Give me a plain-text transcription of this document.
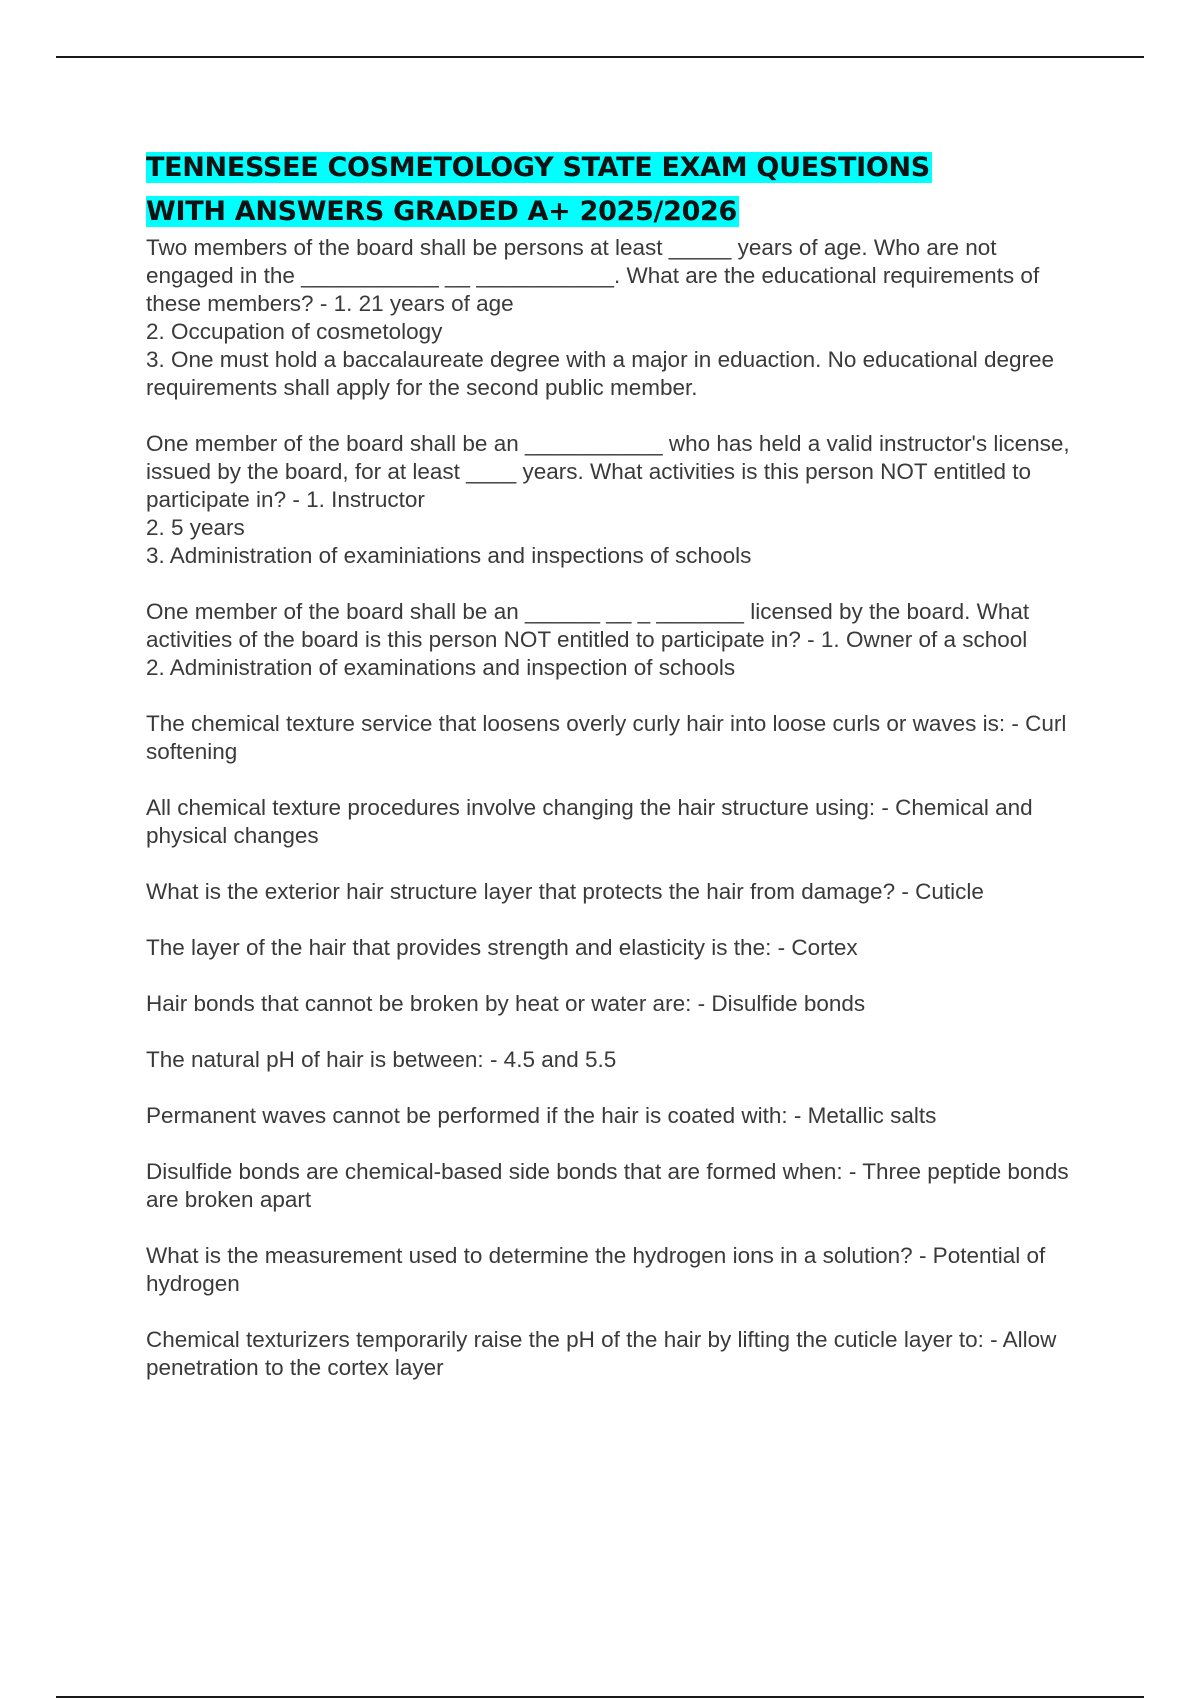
TENNESSEE COSMETOLOGY STATE EXAM QUESTIONS
WITH ANSWERS GRADED A+ 2025/2026
Two members of the board shall be persons at least _____ years of age. Who are not engaged in the ___________ __ ___________. What are the educational requirements of these members? - 1. 21 years of age
2. Occupation of cosmetology
3. One must hold a baccalaureate degree with a major in eduaction. No educational degree requirements shall apply for the second public member.
One member of the board shall be an ___________ who has held a valid instructor's license, issued by the board, for at least ____ years. What activities is this person NOT entitled to participate in? - 1. Instructor
2. 5 years
3. Administration of examiniations and inspections of schools
One member of the board shall be an ______ __ _ _______ licensed by the board. What activities of the board is this person NOT entitled to participate in? - 1. Owner of a school
2. Administration of examinations and inspection of schools
The chemical texture service that loosens overly curly hair into loose curls or waves is: - Curl softening
All chemical texture procedures involve changing the hair structure using: - Chemical and physical changes
What is the exterior hair structure layer that protects the hair from damage? - Cuticle
The layer of the hair that provides strength and elasticity is the: - Cortex
Hair bonds that cannot be broken by heat or water are: - Disulfide bonds
The natural pH of hair is between: - 4.5 and 5.5
Permanent waves cannot be performed if the hair is coated with: - Metallic salts
Disulfide bonds are chemical-based side bonds that are formed when: - Three peptide bonds are broken apart
What is the measurement used to determine the hydrogen ions in a solution? - Potential of hydrogen
Chemical texturizers temporarily raise the pH of the hair by lifting the cuticle layer to: - Allow penetration to the cortex layer
